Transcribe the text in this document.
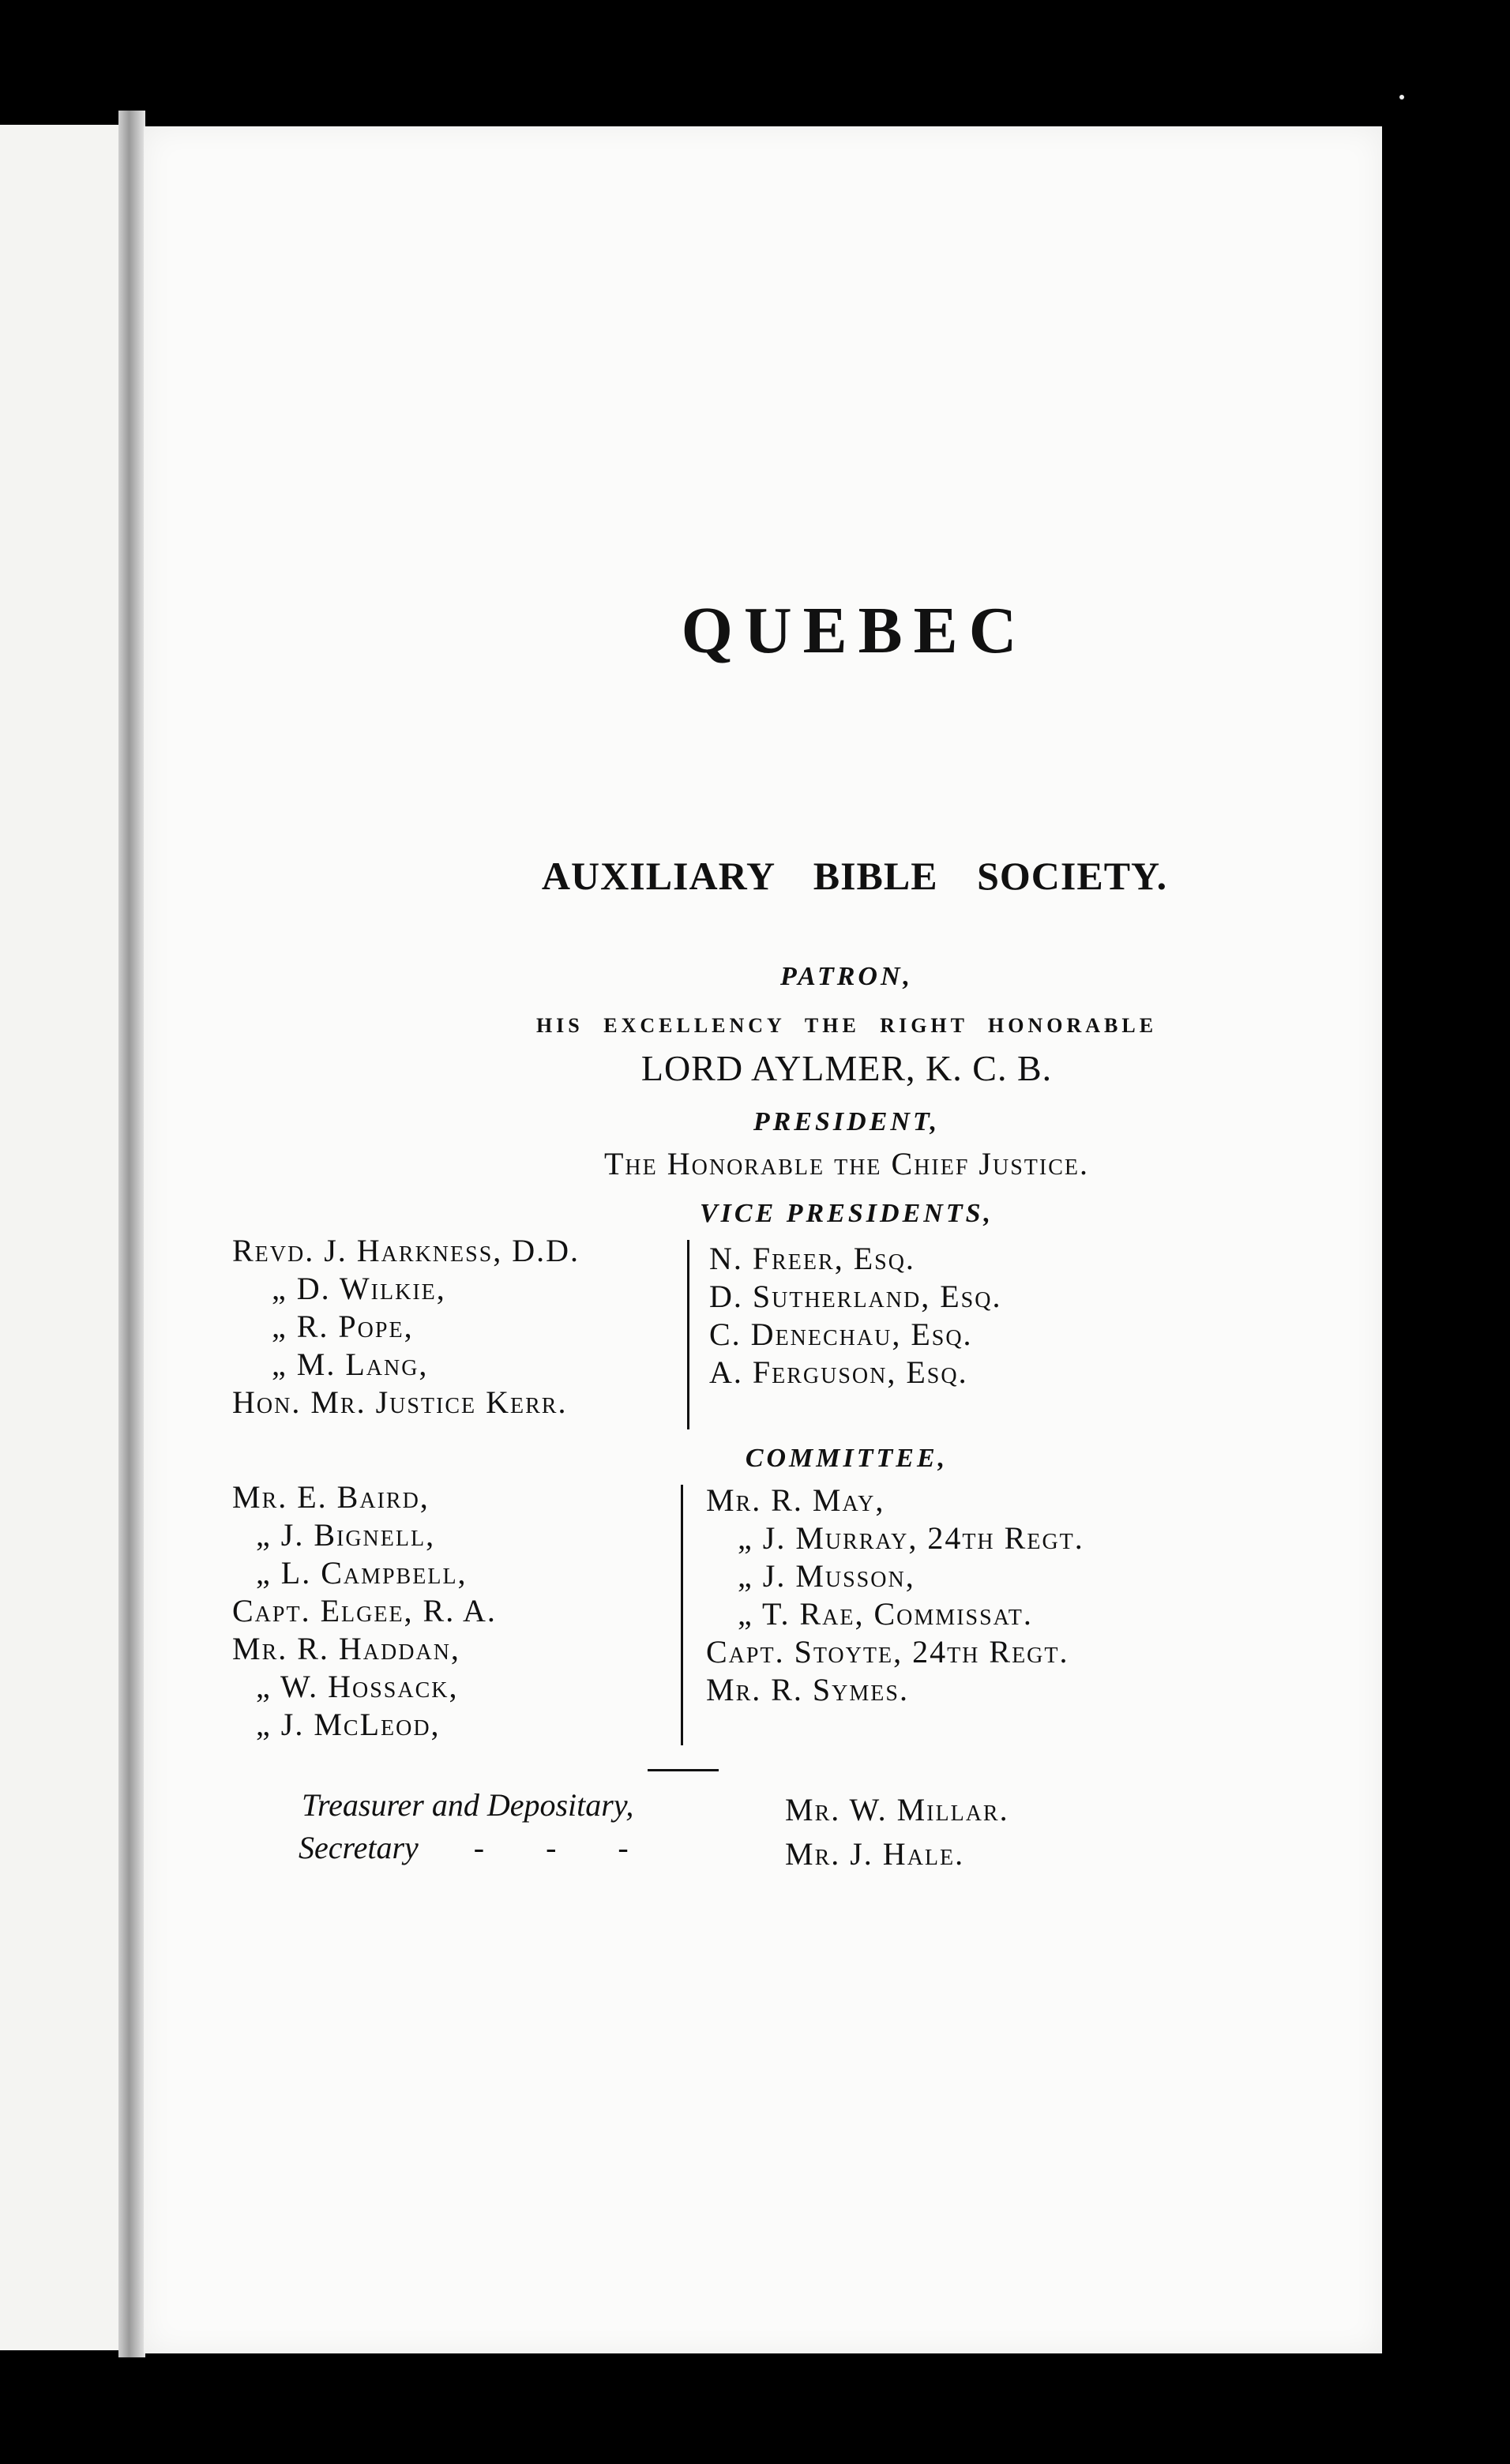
QUEBEC
AUXILIARY BIBLE SOCIETY.
PATRON,
HIS EXCELLENCY THE RIGHT HONORABLE
LORD AYLMER, K. C. B.
PRESIDENT,
The Honorable the Chief Justice.
VICE PRESIDENTS,
Revd. J. Harkness, D.D.
„ D. Wilkie,
„ R. Pope,
„ M. Lang,
Hon. Mr. Justice Kerr.
N. Freer, Esq.
D. Sutherland, Esq.
C. Denechau, Esq.
A. Ferguson, Esq.
COMMITTEE,
Mr. E. Baird,
„ J. Bignell,
„ L. Campbell,
Capt. Elgee, R. A.
Mr. R. Haddan,
„ W. Hossack,
„ J. McLeod,
Mr. R. May,
„ J. Murray, 24th Regt.
„ J. Musson,
„ T. Rae, Commissat.
Capt. Stoyte, 24th Regt.
Mr. R. Symes.
Treasurer and Depositary,	Mr. W. Millar.
Secretary - - -	Mr. J. Hale.
